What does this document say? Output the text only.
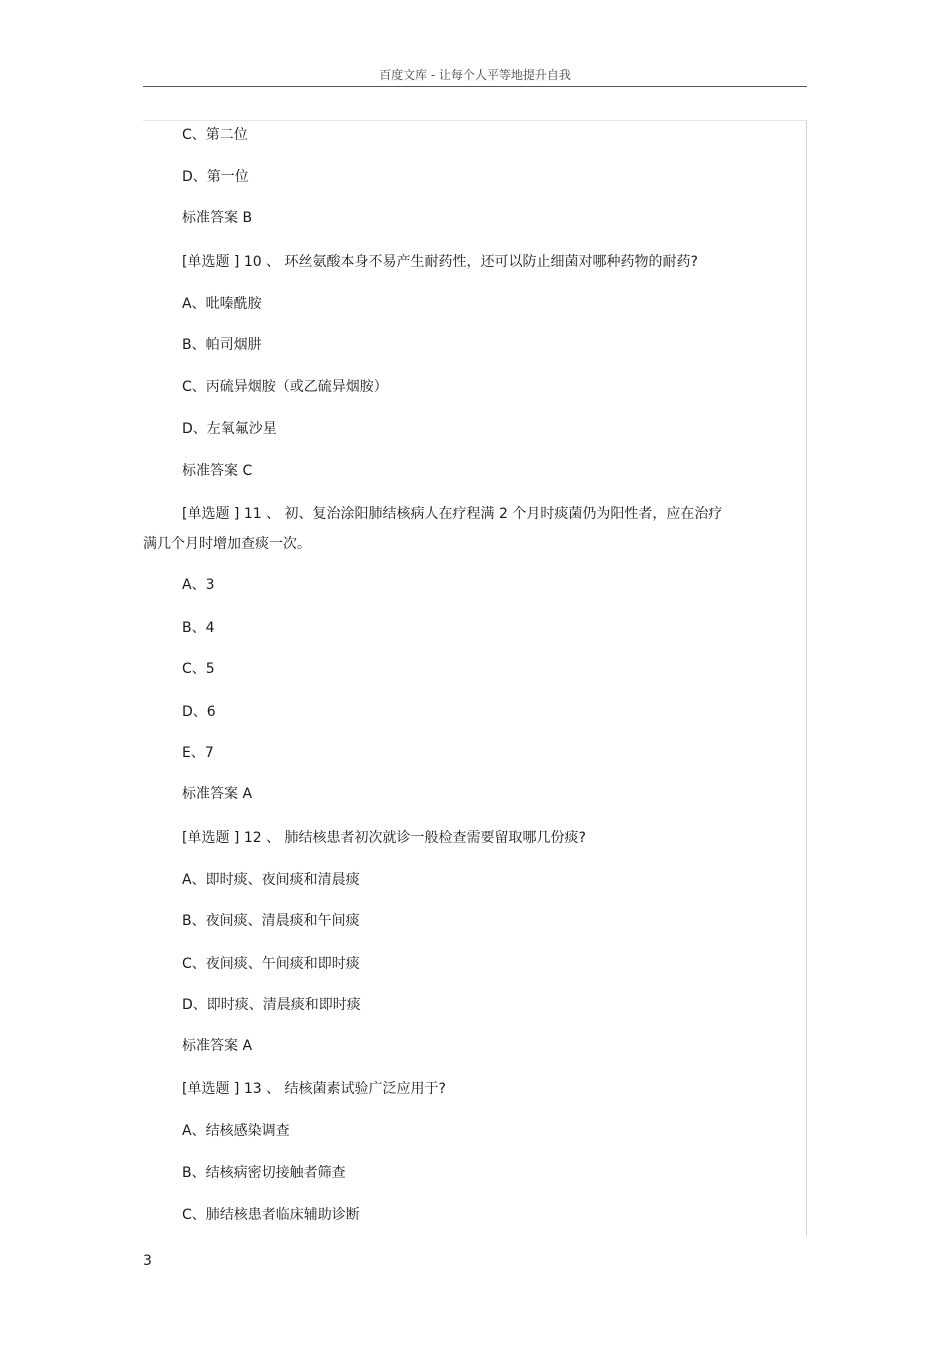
百度文库 - 让每个人平等地提升自我
C、第二位
D、第一位
标准答案 B
[单选题 ] 10 、 环丝氨酸本身不易产生耐药性，还可以防止细菌对哪种药物的耐药?
A、吡嗪酰胺
B、帕司烟肼
C、丙硫异烟胺（或乙硫异烟胺）
D、左氧氟沙星
标准答案 C
[单选题 ] 11 、 初、复治涂阳肺结核病人在疗程满 2 个月时痰菌仍为阳性者，应在治疗
满几个月时增加查痰一次。
A、3
B、4
C、5
D、6
E、7
标准答案 A
[单选题 ] 12 、 肺结核患者初次就诊一般检查需要留取哪几份痰?
A、即时痰、夜间痰和清晨痰
B、夜间痰、清晨痰和午间痰
C、夜间痰、午间痰和即时痰
D、即时痰、清晨痰和即时痰
标准答案 A
[单选题 ] 13 、 结核菌素试验广泛应用于?
A、结核感染调查
B、结核病密切接触者筛查
C、肺结核患者临床辅助诊断
3
